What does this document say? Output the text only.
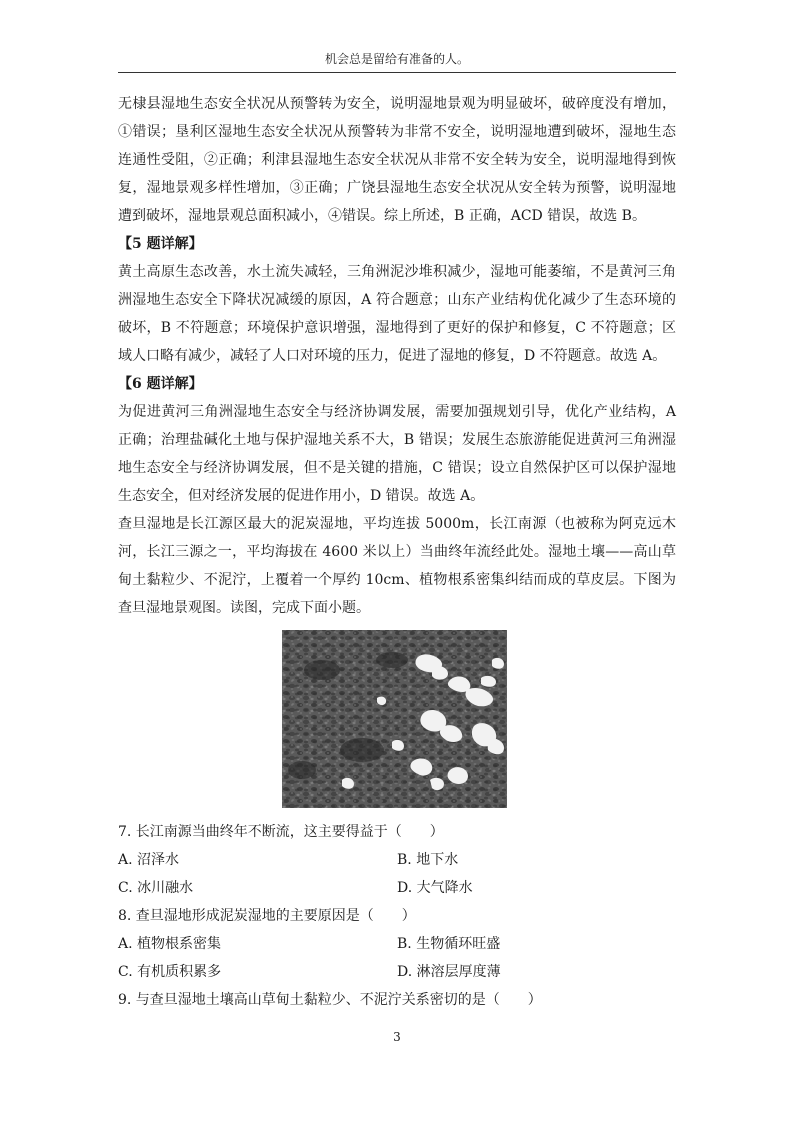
机会总是留给有准备的人。

无棣县湿地生态安全状况从预警转为安全，说明湿地景观为明显破坏，破碎度没有增加，①错误；垦利区湿地生态安全状况从预警转为非常不安全，说明湿地遭到破坏，湿地生态连通性受阻，②正确；利津县湿地生态安全状况从非常不安全转为安全，说明湿地得到恢复，湿地景观多样性增加，③正确；广饶县湿地生态安全状况从安全转为预警，说明湿地遭到破坏，湿地景观总面积减小，④错误。综上所述，B 正确，ACD 错误，故选 B。

【5 题详解】

黄土高原生态改善，水土流失减轻，三角洲泥沙堆积减少，湿地可能萎缩，不是黄河三角洲湿地生态安全下降状况减缓的原因，A 符合题意；山东产业结构优化减少了生态环境的破坏，B 不符题意；环境保护意识增强，湿地得到了更好的保护和修复，C 不符题意；区域人口略有减少，减轻了人口对环境的压力，促进了湿地的修复，D 不符题意。故选 A。

【6 题详解】

为促进黄河三角洲湿地生态安全与经济协调发展，需要加强规划引导，优化产业结构，A 正确；治理盐碱化土地与保护湿地关系不大，B 错误；发展生态旅游能促进黄河三角洲湿地生态安全与经济协调发展，但不是关键的措施，C 错误；设立自然保护区可以保护湿地生态安全，但对经济发展的促进作用小，D 错误。故选 A。

查旦湿地是长江源区最大的泥炭湿地，平均连拔 5000m，长江南源（也被称为阿克远木河，长江三源之一，平均海拔在 4600 米以上）当曲终年流经此处。湿地土壤——高山草甸土黏粒少、不泥泞，上覆着一个厚约 10cm、植物根系密集纠结而成的草皮层。下图为查旦湿地景观图。读图，完成下面小题。

7. 长江南源当曲终年不断流，这主要得益于（　　）

A. 沼泽水	B. 地下水
C. 冰川融水	D. 大气降水

8. 查旦湿地形成泥炭湿地的主要原因是（　　）

A. 植物根系密集	B. 生物循环旺盛
C. 有机质积累多	D. 淋溶层厚度薄

9. 与查旦湿地土壤高山草甸土黏粒少、不泥泞关系密切的是（　　）

3
